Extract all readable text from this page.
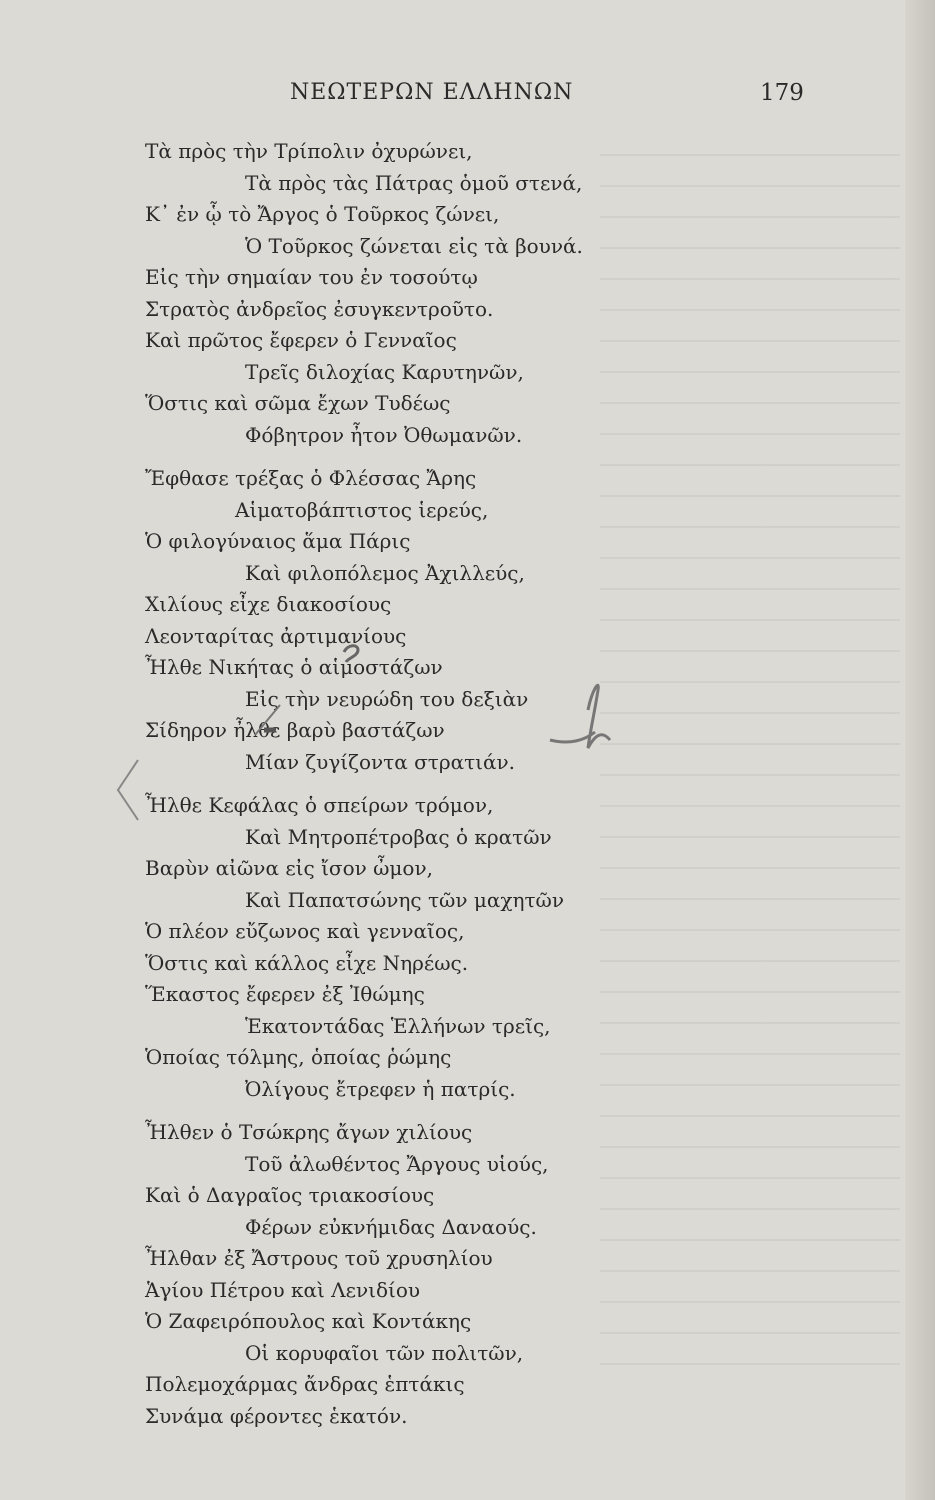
ΝΕΩΤΕΡΩΝ ΕΛΛΗΝΩΝ	179
Τὰ πρὸς τὴν Τρίπολιν ὀχυρώνει,
Τὰ πρὸς τὰς Πάτρας ὁμοῦ στενά,
Κ᾽ ἐν ᾧ τὸ Ἄργος ὁ Τοῦρκος ζώνει,
Ὁ Τοῦρκος ζώνεται εἰς τὰ βουνά.
Εἰς τὴν σημαίαν του ἐν τοσούτῳ
Στρατὸς ἀνδρεῖος ἐσυγκεντροῦτο.
Καὶ πρῶτος ἔφερεν ὁ Γενναῖος
Τρεῖς διλοχίας Καρυτηνῶν,
Ὅστις καὶ σῶμα ἔχων Τυδέως
Φόβητρον ἦτον Ὀθωμανῶν.
Ἔφθασε τρέξας ὁ Φλέσσας Ἄρης
Αἱματοβάπτιστος ἱερεύς,
Ὁ φιλογύναιος ἅμα Πάρις
Καὶ φιλοπόλεμος Ἀχιλλεύς,
Χιλίους εἶχε διακοσίους
Λεονταρίτας ἀρτιμανίους
Ἦλθε Νικήτας ὁ αἱμοστάζων
Εἰς τὴν νευρώδη του δεξιὰν
Σίδηρον ἦλθε βαρὺ βαστάζων
Μίαν ζυγίζοντα στρατιάν.
Ἦλθε Κεφάλας ὁ σπείρων τρόμον,
Καὶ Μητροπέτροβας ὁ κρατῶν
Βαρὺν αἰῶνα εἰς ἴσον ὦμον,
Καὶ Παπατσώνης τῶν μαχητῶν
Ὁ πλέον εὔζωνος καὶ γενναῖος,
Ὅστις καὶ κάλλος εἶχε Νηρέως.
Ἕκαστος ἔφερεν ἐξ Ἰθώμης
Ἑκατοντάδας Ἑλλήνων τρεῖς,
Ὁποίας τόλμης, ὁποίας ῥώμης
Ὀλίγους ἔτρεφεν ἡ πατρίς.
Ἦλθεν ὁ Τσώκρης ἄγων χιλίους
Τοῦ ἀλωθέντος Ἄργους υἱούς,
Καὶ ὁ Δαγραῖος τριακοσίους
Φέρων εὐκνήμιδας Δαναούς.
Ἦλθαν ἐξ Ἄστρους τοῦ χρυσηλίου
Ἁγίου Πέτρου καὶ Λενιδίου
Ὁ Ζαφειρόπουλος καὶ Κοντάκης
Οἱ κορυφαῖοι τῶν πολιτῶν,
Πολεμοχάρμας ἄνδρας ἑπτάκις
Συνάμα φέροντες ἑκατόν.
